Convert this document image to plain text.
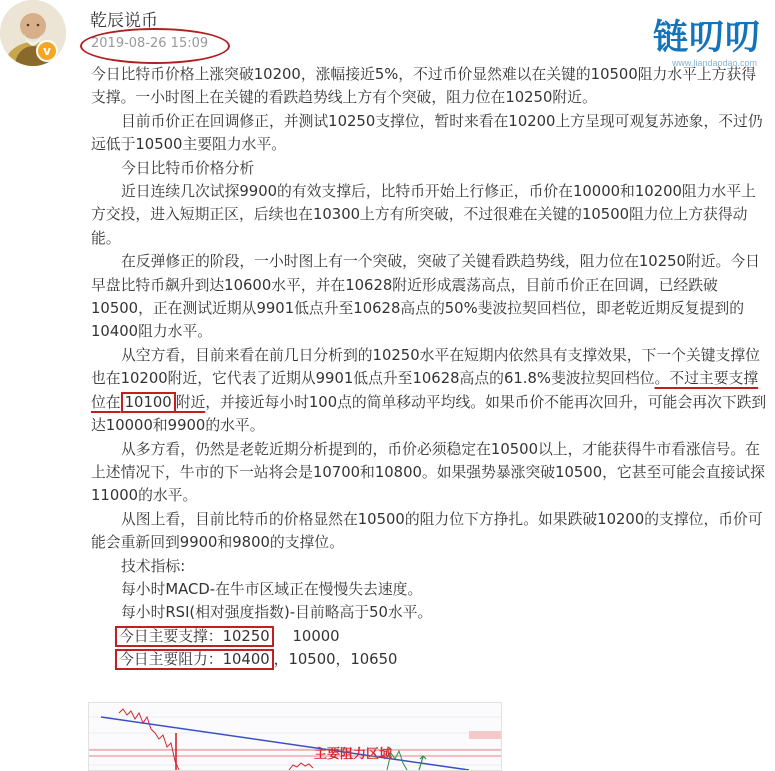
v
乾辰说币
2019-08-26 15:09	链叨叨
www.liandaodao.com

今日比特币价格上涨突破10200，涨幅接近5%，不过币价显然难以在关键的10500阻力水平上方获得支撑。一小时图上在关键的看跌趋势线上方有个突破，阻力位在10250附近。

目前币价正在回调修正，并测试10250支撑位，暂时来看在10200上方呈现可观复苏迹象，不过仍远低于10500主要阻力水平。

今日比特币价格分析

近日连续几次试探9900的有效支撑后，比特币开始上行修正，币价在10000和10200阻力水平上方交投，进入短期正区，后续也在10300上方有所突破，不过很难在关键的10500阻力位上方获得动能。

在反弹修正的阶段，一小时图上有一个突破，突破了关键看跌趋势线，阻力位在10250附近。今日早盘比特币飙升到达10600水平，并在10628附近形成震荡高点，目前币价正在回调，已经跌破10500，正在测试近期从9901低点升至10628高点的50%斐波拉契回档位，即老乾近期反复提到的10400阻力水平。

从空方看，目前来看在前几日分析到的10250水平在短期内依然具有支撑效果，下一个关键支撑位也在10200附近，它代表了近期从9901低点升至10628高点的61.8%斐波拉契回档位。不过主要支撑位在 10100 附近，并接近每小时100点的简单移动平均线。如果币价不能再次回升，可能会再次下跌到达10000和9900的水平。

从多方看，仍然是老乾近期分析提到的，币价必须稳定在10500以上，才能获得牛市看涨信号。在上述情况下，牛市的下一站将会是10700和10800。如果强势暴涨突破10500，它甚至可能会直接试探11000的水平。

从图上看，目前比特币的价格显然在10500的阻力位下方挣扎。如果跌破10200的支撑位，币价可能会重新回到9900和9800的支撑位。

技术指标:

每小时MACD-在牛市区域正在慢慢失去速度。

每小时RSI(相对强度指数)-目前略高于50水平。

今日主要支撑：10250 10000

今日主要阻力：10400 ，10500，10650

主要阻力区域
